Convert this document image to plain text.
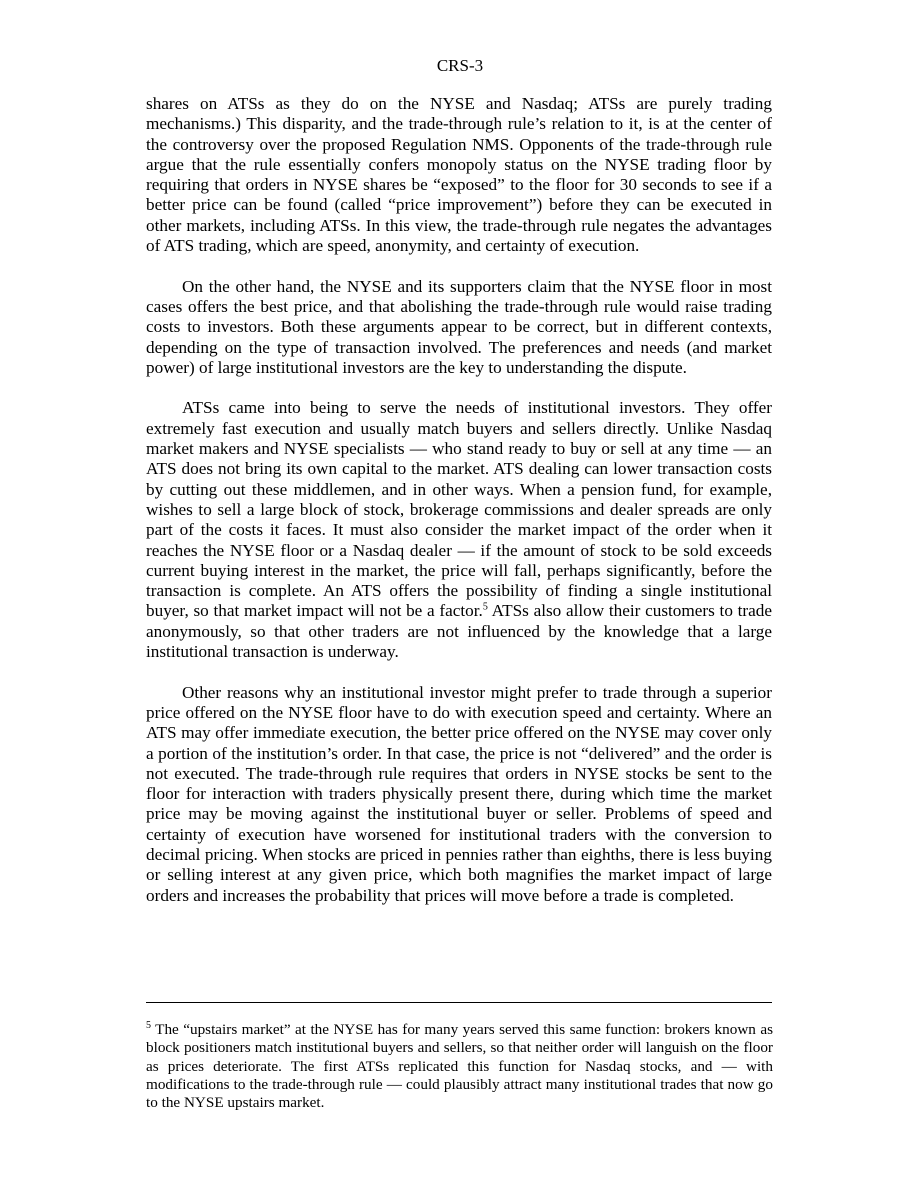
CRS-3

shares on ATSs as they do on the NYSE and Nasdaq; ATSs are purely trading mechanisms.) This disparity, and the trade-through rule’s relation to it, is at the center of the controversy over the proposed Regulation NMS. Opponents of the trade-through rule argue that the rule essentially confers monopoly status on the NYSE trading floor by requiring that orders in NYSE shares be “exposed” to the floor for 30 seconds to see if a better price can be found (called “price improvement”) before they can be executed in other markets, including ATSs. In this view, the trade-through rule negates the advantages of ATS trading, which are speed, anonymity, and certainty of execution.

On the other hand, the NYSE and its supporters claim that the NYSE floor in most cases offers the best price, and that abolishing the trade-through rule would raise trading costs to investors. Both these arguments appear to be correct, but in different contexts, depending on the type of transaction involved. The preferences and needs (and market power) of large institutional investors are the key to understanding the dispute.

ATSs came into being to serve the needs of institutional investors. They offer extremely fast execution and usually match buyers and sellers directly. Unlike Nasdaq market makers and NYSE specialists — who stand ready to buy or sell at any time — an ATS does not bring its own capital to the market. ATS dealing can lower transaction costs by cutting out these middlemen, and in other ways. When a pension fund, for example, wishes to sell a large block of stock, brokerage commissions and dealer spreads are only part of the costs it faces. It must also consider the market impact of the order when it reaches the NYSE floor or a Nasdaq dealer — if the amount of stock to be sold exceeds current buying interest in the market, the price will fall, perhaps significantly, before the transaction is complete. An ATS offers the possibility of finding a single institutional buyer, so that market impact will not be a factor.$^5$ ATSs also allow their customers to trade anonymously, so that other traders are not influenced by the knowledge that a large institutional transaction is underway.

Other reasons why an institutional investor might prefer to trade through a superior price offered on the NYSE floor have to do with execution speed and certainty. Where an ATS may offer immediate execution, the better price offered on the NYSE may cover only a portion of the institution’s order. In that case, the price is not “delivered” and the order is not executed. The trade-through rule requires that orders in NYSE stocks be sent to the floor for interaction with traders physically present there, during which time the market price may be moving against the institutional buyer or seller. Problems of speed and certainty of execution have worsened for institutional traders with the conversion to decimal pricing. When stocks are priced in pennies rather than eighths, there is less buying or selling interest at any given price, which both magnifies the market impact of large orders and increases the probability that prices will move before a trade is completed.

$^5$ The “upstairs market” at the NYSE has for many years served this same function: brokers known as block positioners match institutional buyers and sellers, so that neither order will languish on the floor as prices deteriorate. The first ATSs replicated this function for Nasdaq stocks, and — with modifications to the trade-through rule — could plausibly attract many institutional trades that now go to the NYSE upstairs market.
